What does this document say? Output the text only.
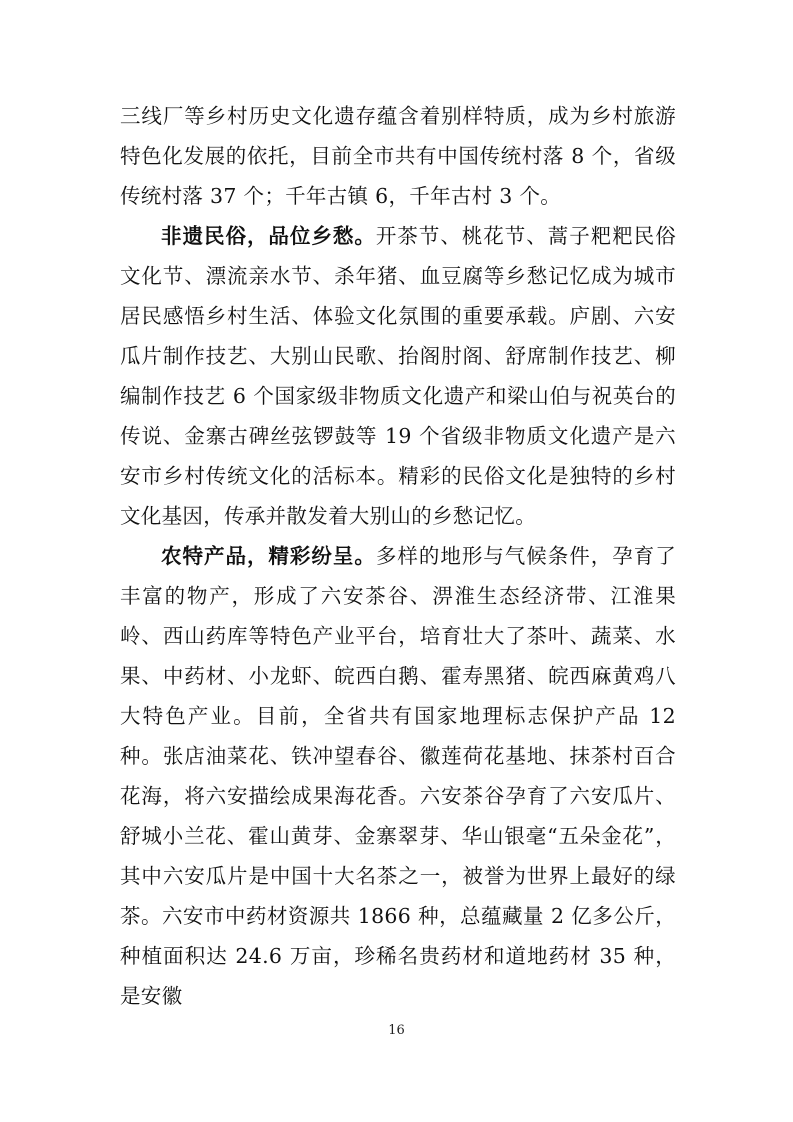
三线厂等乡村历史文化遗存蕴含着别样特质，成为乡村旅游特色化发展的依托，目前全市共有中国传统村落 8 个，省级传统村落 37 个；千年古镇 6，千年古村 3 个。

非遗民俗，品位乡愁。开茶节、桃花节、蒿子粑粑民俗文化节、漂流亲水节、杀年猪、血豆腐等乡愁记忆成为城市居民感悟乡村生活、体验文化氛围的重要承载。庐剧、六安瓜片制作技艺、大别山民歌、抬阁肘阁、舒席制作技艺、柳编制作技艺 6 个国家级非物质文化遗产和梁山伯与祝英台的传说、金寨古碑丝弦锣鼓等 19 个省级非物质文化遗产是六安市乡村传统文化的活标本。精彩的民俗文化是独特的乡村文化基因，传承并散发着大别山的乡愁记忆。

农特产品，精彩纷呈。多样的地形与气候条件，孕育了丰富的物产，形成了六安茶谷、淠淮生态经济带、江淮果岭、西山药库等特色产业平台，培育壮大了茶叶、蔬菜、水果、中药材、小龙虾、皖西白鹅、霍寿黑猪、皖西麻黄鸡八大特色产业。目前，全省共有国家地理标志保护产品 12 种。张店油菜花、铁冲望春谷、徽莲荷花基地、抹茶村百合花海，将六安描绘成果海花香。六安茶谷孕育了六安瓜片、舒城小兰花、霍山黄芽、金寨翠芽、华山银毫“五朵金花”，其中六安瓜片是中国十大名茶之一，被誉为世界上最好的绿茶。六安市中药材资源共 1866 种，总蕴藏量 2 亿多公斤，种植面积达 24.6 万亩，珍稀名贵药材和道地药材 35 种，是安徽

16
